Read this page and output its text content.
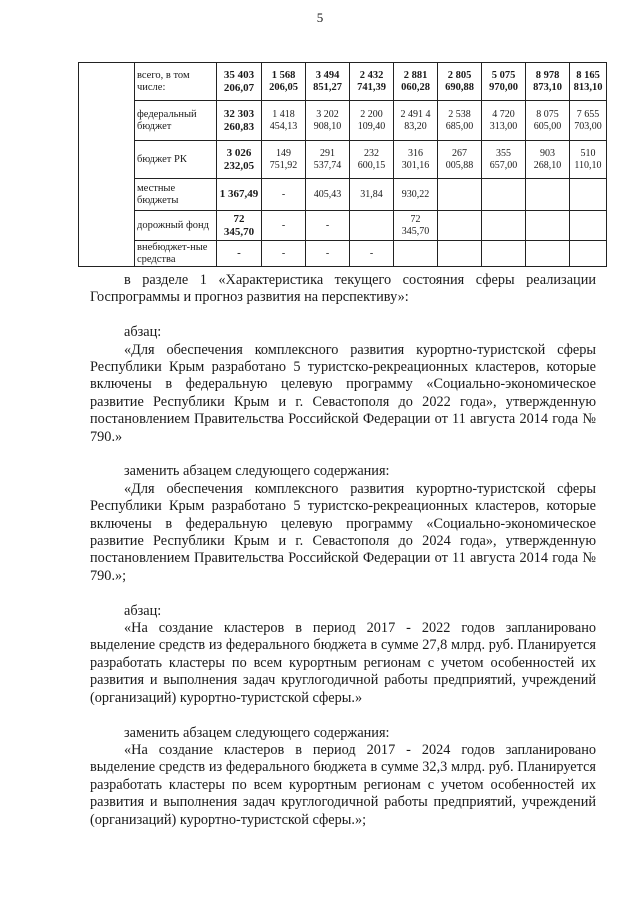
5
	всего, в том числе:	35 403 206,07	1 568 206,05	3 494 851,27	2 432 741,39	2 881 060,28	2 805 690,88	5 075 970,00	8 978 873,10	8 165 813,10
	федеральный бюджет	32 303 260,83	1 418 454,13	3 202 908,10	2 200 109,40	2 491 4 83,20	2 538 685,00	4 720 313,00	8 075 605,00	7 655 703,00
	бюджет РК	3 026 232,05	149 751,92	291 537,74	232 600,15	316 301,16	267 005,88	355 657,00	903 268,10	510 110,10
	местные бюджеты	1 367,49	-	405,43	31,84	930,22				
	дорожный фонд	72 345,70	-	-		72 345,70				
	внебюджет-ные средства	-	-	-	-					

в разделе 1 «Характеристика текущего состояния сферы реализации Госпрограммы и прогноз развития на перспективу»:

абзац:

«Для обеспечения комплексного развития курортно-туристской сферы Республики Крым разработано 5 туристско-рекреационных кластеров, которые включены в федеральную целевую программу «Социально-экономическое развитие Республики Крым и г. Севастополя до 2022 года», утвержденную постановлением Правительства Российской Федерации от 11 августа 2014 года № 790.»

заменить абзацем следующего содержания:

«Для обеспечения комплексного развития курортно-туристской сферы Республики Крым разработано 5 туристско-рекреационных кластеров, которые включены в федеральную целевую программу «Социально-экономическое развитие Республики Крым и г. Севастополя до 2024 года», утвержденную постановлением Правительства Российской Федерации от 11 августа 2014 года № 790.»;

абзац:

«На создание кластеров в период 2017 - 2022 годов запланировано выделение средств из федерального бюджета в сумме 27,8 млрд. руб. Планируется разработать кластеры по всем курортным регионам с учетом особенностей их развития и выполнения задач круглогодичной работы предприятий, учреждений (организаций) курортно-туристской сферы.»

заменить абзацем следующего содержания:

«На создание кластеров в период 2017 - 2024 годов запланировано выделение средств из федерального бюджета в сумме 32,3 млрд. руб. Планируется разработать кластеры по всем курортным регионам с учетом особенностей их развития и выполнения задач круглогодичной работы предприятий, учреждений (организаций) курортно-туристской сферы.»;
